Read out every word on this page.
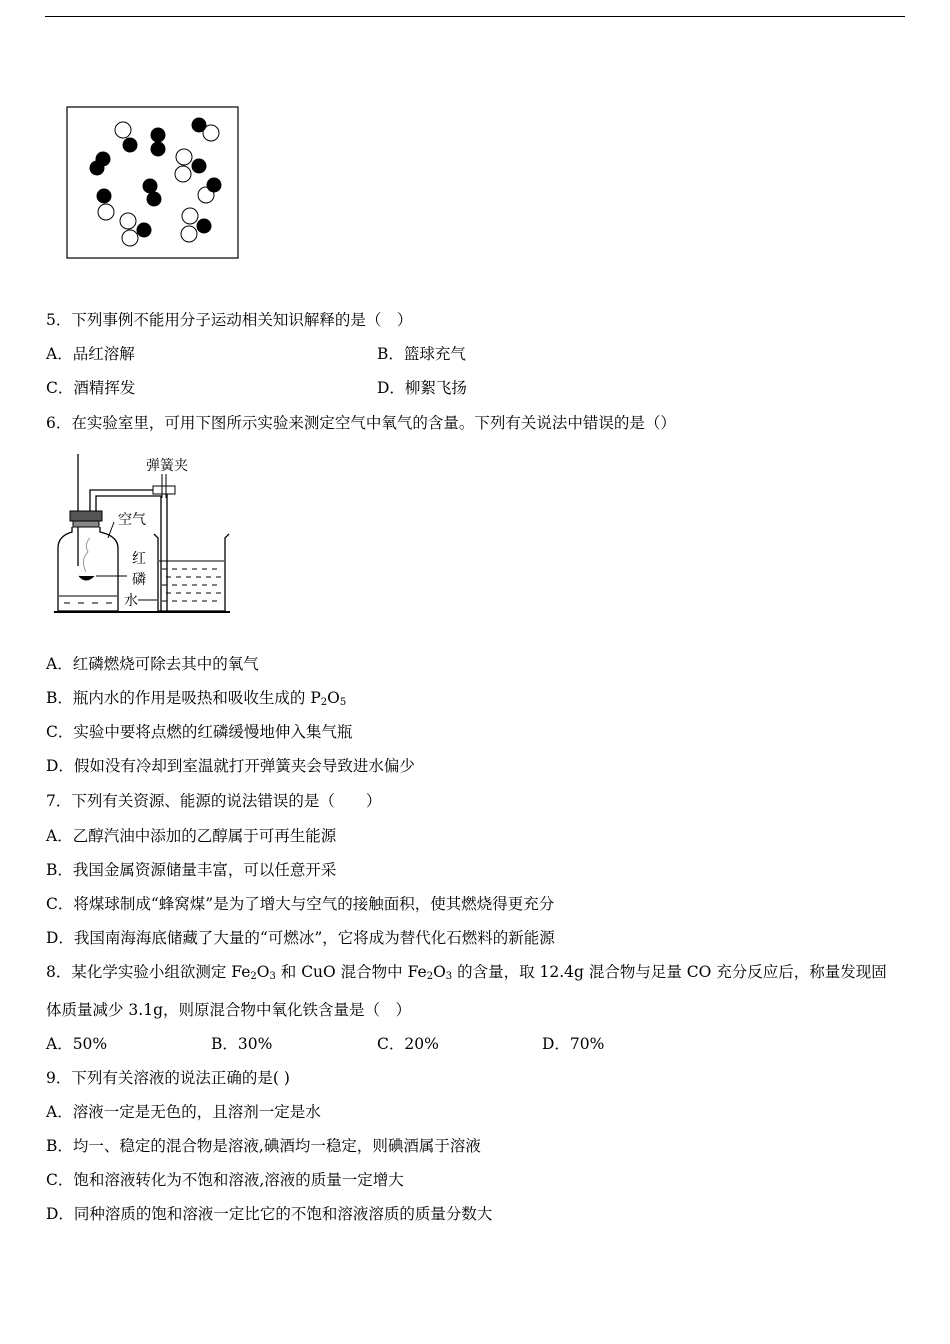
5．下列事例不能用分子运动相关知识解释的是（　）
A．品红溶解	B．篮球充气
C．酒精挥发	D．柳絮飞扬
6．在实验室里，可用下图所示实验来测定空气中氧气的含量。下列有关说法中错误的是（）
弹簧夹
空气
红
磷
水
A．红磷燃烧可除去其中的氧气
B．瓶内水的作用是吸热和吸收生成的 $P_2O_5$
C．实验中要将点燃的红磷缓慢地伸入集气瓶
D．假如没有冷却到室温就打开弹簧夹会导致进水偏少
7．下列有关资源、能源的说法错误的是（　　）
A．乙醇汽油中添加的乙醇属于可再生能源
B．我国金属资源储量丰富，可以任意开采
C．将煤球制成“蜂窝煤”是为了增大与空气的接触面积，使其燃烧得更充分
D．我国南海海底储藏了大量的“可燃冰”，它将成为替代化石燃料的新能源
8．某化学实验小组欲测定 $Fe_2O_3$ 和 CuO 混合物中 $Fe_2O_3$ 的含量，取 12.4g 混合物与足量 CO 充分反应后，称量发现固
体质量减少 3.1g，则原混合物中氧化铁含量是（　）
A．50%	B．30%	C．20%	D．70%
9．下列有关溶液的说法正确的是( )
A．溶液一定是无色的，且溶剂一定是水
B．均一、稳定的混合物是溶液,碘酒均一稳定，则碘酒属于溶液
C．饱和溶液转化为不饱和溶液,溶液的质量一定增大
D．同种溶质的饱和溶液一定比它的不饱和溶液溶质的质量分数大
